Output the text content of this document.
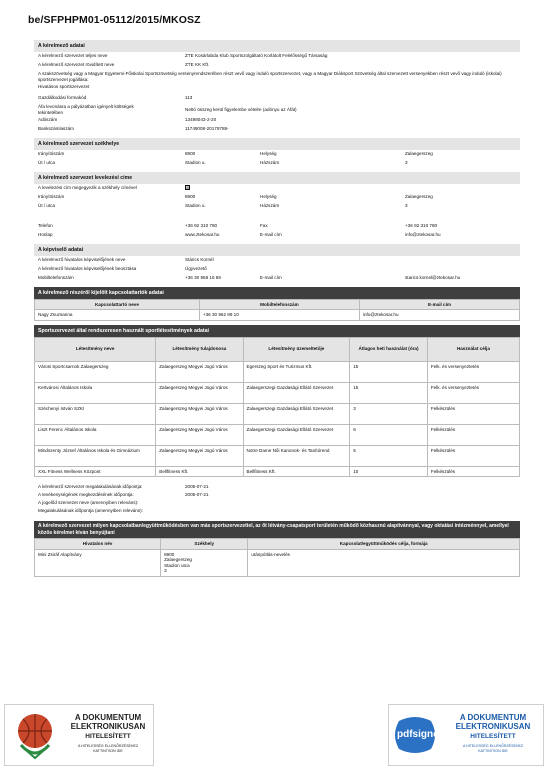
be/SFPHPM01-05112/2015/MKOSZ
A kérelmező adatai
A kérelmező szervezet teljes neve	ZTE Kosárlabda Klub Sportszolgáltató Korlátolt Felelősségű Társaság
A kérelmező szervezet rövidített neve	ZTE KK Kft.
A szakszövetség vagy a Magyar Egyetemi-Főiskolai Sportszövetség versenyrendszerében részt vevő vagy induló sportszervezet, vagy a Magyar Diáksport Szövetség által szervezett versenyekben részt vevő vagy induló (iskolai) sportszervezet jogállása:
Hivatásos sportszervezet
Gazdálkodási formakód	113
Áfa levonásra a pályázatban igényelt költségek tekintetében
Nettó összeg kerül figyelembe vételre (adónyu az Áfát)
Adószám	13498043-2-20
Bankszámlaszám	11749008-20179788-
A kérelmező szervezet székhelye
Irányítószám	8900	Helység	Zalaegerszeg
Út / utca	Stadion u.	Házszám	3
A kérelmező szervezet levelezési címe
A levelezési cím megegyezik a székhely címével	☒
Irányítószám	8900	Helység	Zalaegerszeg
Út / utca	Stadion u.	Házszám	3
Telefon	+36 92 310 780	Fax	+36 92 310 780
Honlap	www.ztekosar.hu	E-mail cím	info@ztekosar.hu
A képviselő adatai
A kérelmező hivatalos képviselőjének neve	Stárics Kornél
A kérelmező hivatalos képviselőjének beosztása	Ügyvezető
Mobiltelefonszám	+36 30 958 16 88	E-mail cím	starics.kornel@ztekosar.hu
A kérelmező részéről kijelölt kapcsolattartók adatai
Kapcsolattartó neve	Mobiltelefonszám	E-mail cím
Nagy Zsuzsanna	+36 30 962 99 10	info@ztekosar.hu
Sportszervezet által rendszeresen használt sportlétesítmények adatai
Létesítmény neve	Létesítmény tulajdonosa	Létesítmény üzemeltetője	Átlagos heti használat (óra)	Használat célja
Városi Sportcsarnok Zalaegerszeg	Zalaegerszeg Megyei Jogú Város	Egerszeg Sport és Turizmus Kft.	15	Felk. és versenyeztetés
Kertvárosi Általános Iskola	Zalaegerszeg Megyei Jogú Város	Zalaegerszegi Gazdasági Ellátó Szervezet	15	Felk. és versenyeztetés
Széchenyi István SZKI	Zalaegerszeg Megyei Jogú Város	Zalaegerszegi Gazdasági Ellátó Szervezet	3	Felkészülés
Liszt Ferenc Általános Iskola	Zalaegerszeg Megyei Jogú Város	Zalaegerszegi Gazdasági Ellátó Szervezet	6	Felkészülés
Mindszenty József Általános Iskola és Gimnázium	Zalaegerszeg Megyei Jogú Város	Notre Dame Női Kanonok- és Tanítórend	5	Felkészülés
XXL Fitness Wellness Központ	Bellfitness Kft.	Bellfitness Kft.	10	Felkészülés
A kérelmező szervezet megalakulásának időpontja:	2005-07-21
A tevékenységének megkezdésének időpontja:	2005-07-21
A jogelőd szervezet neve (amennyiben releváns):
Megalakulásának időpontja (amennyiben releváns):
A kérelmező szervezet milyen kapcsolatban/együttműködésben van más sportszervezettel, az őt létvány-csapatsport területén működő közhasznú alapítvánnyal, vagy oktatási intézménnyel, amellyel közös kérelmet kíván benyújtani
Hivatalos név	Székhely	Kapcsolat/együttműködés célja, formája
Mini Zsiráf Alapítvány	8900
Zalaegerszeg
Stadion utca
3	utánpótlás-nevelés
A DOKUMENTUM
ELEKTRONIKUSAN
HITELESÍTETT
A HITELESSÉG ELLENŐRZÉSÉHEZ
KATTINTSON IDE
pdfsigno
A DOKUMENTUM
ELEKTRONIKUSAN
HITELESÍTETT
A HITELESSÉG ELLENŐRZÉSÉHEZ
KATTINTSON IDE
